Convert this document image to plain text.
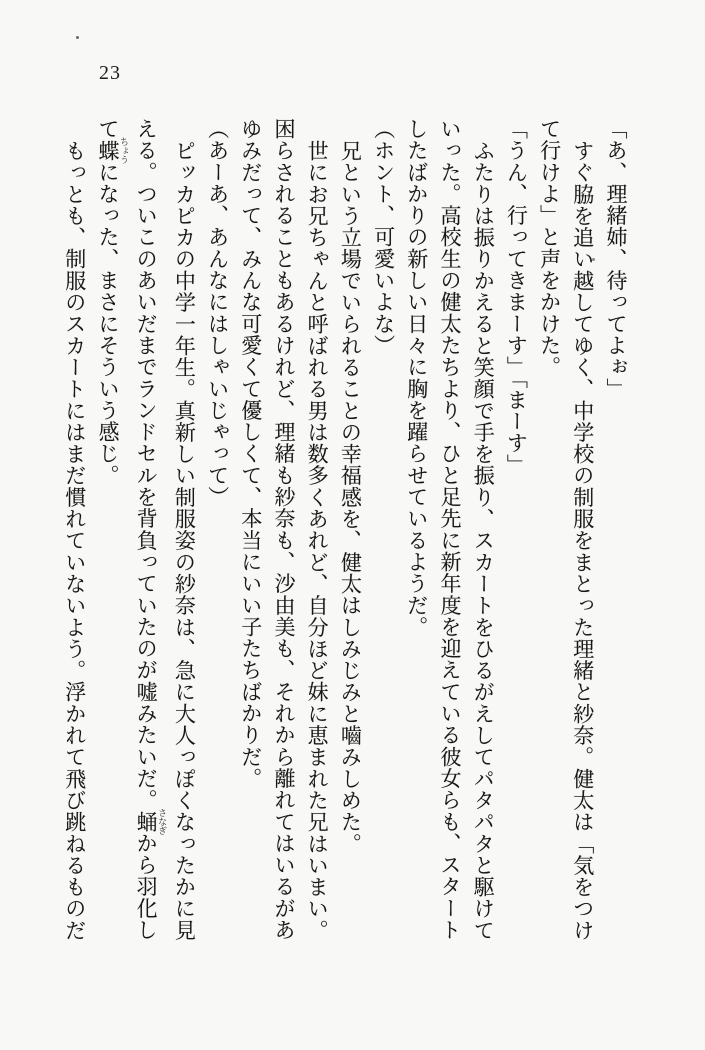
23

「あ、理緒姉、待ってよぉ」

すぐ脇を追い越してゆく、中学校の制服をまとった理緒と紗奈。健太は「気をつけ

て行けよ」と声をかけた。

「うん、行ってきまーす」「まーす」

ふたりは振りかえると笑顔で手を振り、スカートをひるがえしてパタパタと駆けて

いった。高校生の健太たちより、ひと足先に新年度を迎えている彼女らも、スタート

したばかりの新しい日々に胸を躍らせているようだ。

（ホント、可愛いよな）

兄という立場でいられることの幸福感を、健太はしみじみと嚙みしめた。

世にお兄ちゃんと呼ばれる男は数多くあれど、自分ほど妹に恵まれた兄はいまい。

困らされることもあるけれど、理緒も紗奈も、沙由美も、それから離れてはいるがあ

ゆみだって、みんな可愛くて優しくて、本当にいい子たちばかりだ。

（あーあ、あんなにはしゃいじゃって）

ピッカピカの中学一年生。真新しい制服姿の紗奈は、急に大人っぽくなったかに見

える。ついこのあいだまでランドセルを背負っていたのが嘘みたいだ。蛹 さなぎから羽化し

て蝶 ちょうになった、まさにそういう感じ。

もっとも、制服のスカートにはまだ慣れていないよう。浮かれて飛び跳ねるものだ
